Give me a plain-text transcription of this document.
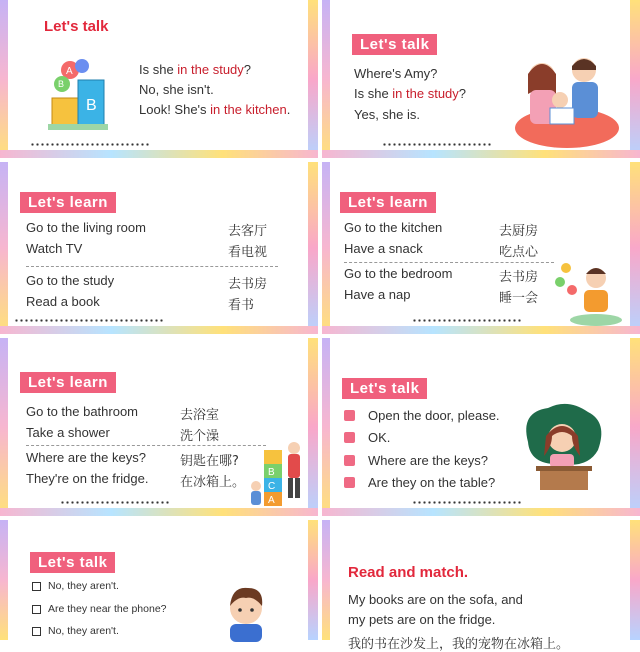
Let's talk
B
A
B
Is she in the study?
No, she isn't.
Look! She's in the kitchen.
Let's talk
Where's Amy?
Is she in the study?
Yes, she is.
Let's learn
Go to the living room	去客厅
Watch TV	看电视
Go to the study	去书房
Read a book	看书
Let's learn
Go to the kitchen	去厨房
Have a snack	吃点心
Go to the bedroom	去书房
Have a nap	睡一会
Let's learn
Go to the bathroom	去浴室
Take a shower	洗个澡
Where are the keys?	钥匙在哪?
They're on the fridge. 在冰箱上。
B
C
A
Let's talk
Open the door, please.
OK.
Where are the keys?
Are they on the table?
Let's talk
No, they aren't.
Are they near the phone?
No, they aren't.
Read and match.
My books are on the sofa, and
my pets are on the fridge.
我的书在沙发上，我的宠物在冰箱上。
